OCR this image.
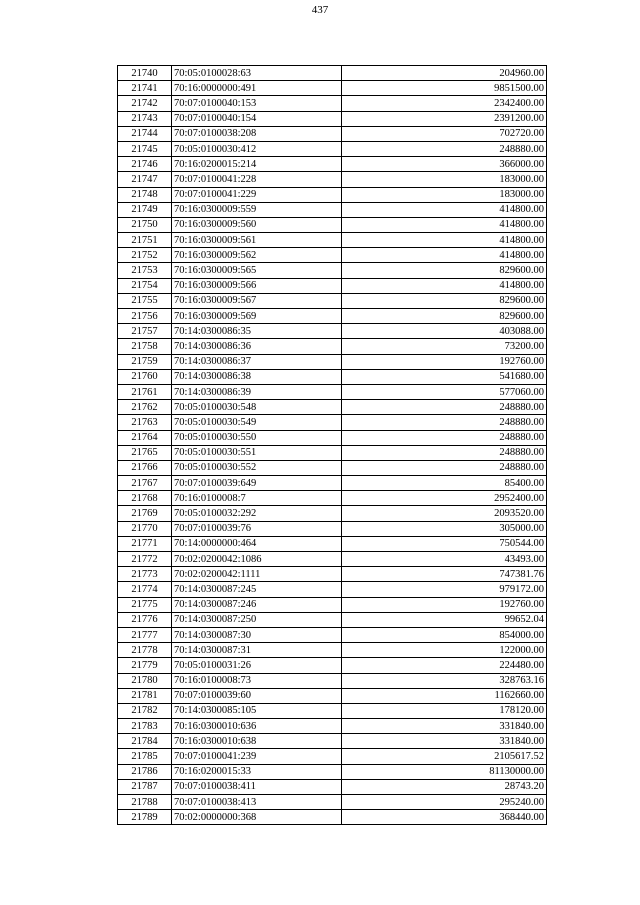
437
21740	70:05:0100028:63	204960.00
21741	70:16:0000000:491	9851500.00
21742	70:07:0100040:153	2342400.00
21743	70:07:0100040:154	2391200.00
21744	70:07:0100038:208	702720.00
21745	70:05:0100030:412	248880.00
21746	70:16:0200015:214	366000.00
21747	70:07:0100041:228	183000.00
21748	70:07:0100041:229	183000.00
21749	70:16:0300009:559	414800.00
21750	70:16:0300009:560	414800.00
21751	70:16:0300009:561	414800.00
21752	70:16:0300009:562	414800.00
21753	70:16:0300009:565	829600.00
21754	70:16:0300009:566	414800.00
21755	70:16:0300009:567	829600.00
21756	70:16:0300009:569	829600.00
21757	70:14:0300086:35	403088.00
21758	70:14:0300086:36	73200.00
21759	70:14:0300086:37	192760.00
21760	70:14:0300086:38	541680.00
21761	70:14:0300086:39	577060.00
21762	70:05:0100030:548	248880.00
21763	70:05:0100030:549	248880.00
21764	70:05:0100030:550	248880.00
21765	70:05:0100030:551	248880.00
21766	70:05:0100030:552	248880.00
21767	70:07:0100039:649	85400.00
21768	70:16:0100008:7	2952400.00
21769	70:05:0100032:292	2093520.00
21770	70:07:0100039:76	305000.00
21771	70:14:0000000:464	750544.00
21772	70:02:0200042:1086	43493.00
21773	70:02:0200042:1111	747381.76
21774	70:14:0300087:245	979172.00
21775	70:14:0300087:246	192760.00
21776	70:14:0300087:250	99652.04
21777	70:14:0300087:30	854000.00
21778	70:14:0300087:31	122000.00
21779	70:05:0100031:26	224480.00
21780	70:16:0100008:73	328763.16
21781	70:07:0100039:60	1162660.00
21782	70:14:0300085:105	178120.00
21783	70:16:0300010:636	331840.00
21784	70:16:0300010:638	331840.00
21785	70:07:0100041:239	2105617.52
21786	70:16:0200015:33	81130000.00
21787	70:07:0100038:411	28743.20
21788	70:07:0100038:413	295240.00
21789	70:02:0000000:368	368440.00
